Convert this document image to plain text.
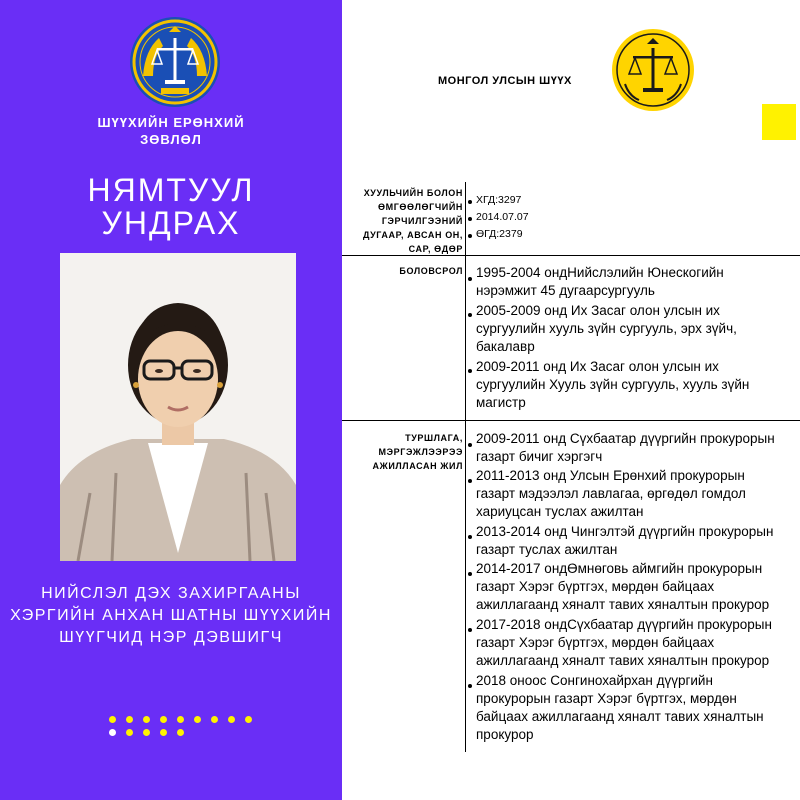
ШҮҮХИЙН ЕРӨНХИЙ
ЗӨВЛӨЛ
НЯМТУУЛ
УНДРАХ
НИЙСЛЭЛ ДЭХ ЗАХИРГААНЫ
ХЭРГИЙН АНХАН ШАТНЫ ШҮҮХИЙН
ШҮҮГЧИД НЭР ДЭВШИГЧ
МОНГОЛ УЛСЫН ШҮҮХ
ХУУЛЬЧИЙН БОЛОН
ӨМГӨӨЛӨГЧИЙН
ГЭРЧИЛГЭЭНИЙ
ДУГААР, АВСАН ОН,
САР, ӨДӨР
ХГД:3297
2014.07.07
ӨГД:2379
БОЛОВСРОЛ 1995-2004 ондНийслэлийн Юнескогийн
нэрэмжит 45 дугаарсургууль
2005-2009 онд Их Засаг олон улсын их
сургуулийн хууль зүйн сургууль, эрх зүйч,
бакалавр
2009-2011 онд Их Засаг олон улсын их
сургуулийн Хууль зүйн сургууль, хууль зүйн
магистр
ТУРШЛАГА,
МЭРГЭЖЛЭЭРЭЭ
АЖИЛЛАСАН ЖИЛ
2009-2011 онд Сүхбаатар дүүргийн прокурорын
газарт бичиг хэргэгч
2011-2013 онд Улсын Ерөнхий прокурорын
газарт мэдээлэл лавлагаа, өргөдөл гомдол
хариуцсан туслах ажилтан
2013-2014 онд Чингэлтэй дүүргийн прокурорын
газарт туслах ажилтан
2014-2017 ондӨмнөговь аймгийн прокурорын
газарт Хэрэг бүртгэх, мөрдөн байцаах
ажиллагаанд хяналт тавих хяналтын прокурор
2017-2018 ондСүхбаатар дүүргийн прокурорын
газарт Хэрэг бүртгэх, мөрдөн байцаах
ажиллагаанд хяналт тавих хяналтын прокурор
2018 оноос Сонгинохайрхан дүүргийн
прокурорын газарт Хэрэг бүртгэх, мөрдөн
байцаах ажиллагаанд хяналт тавих хяналтын
прокурор
